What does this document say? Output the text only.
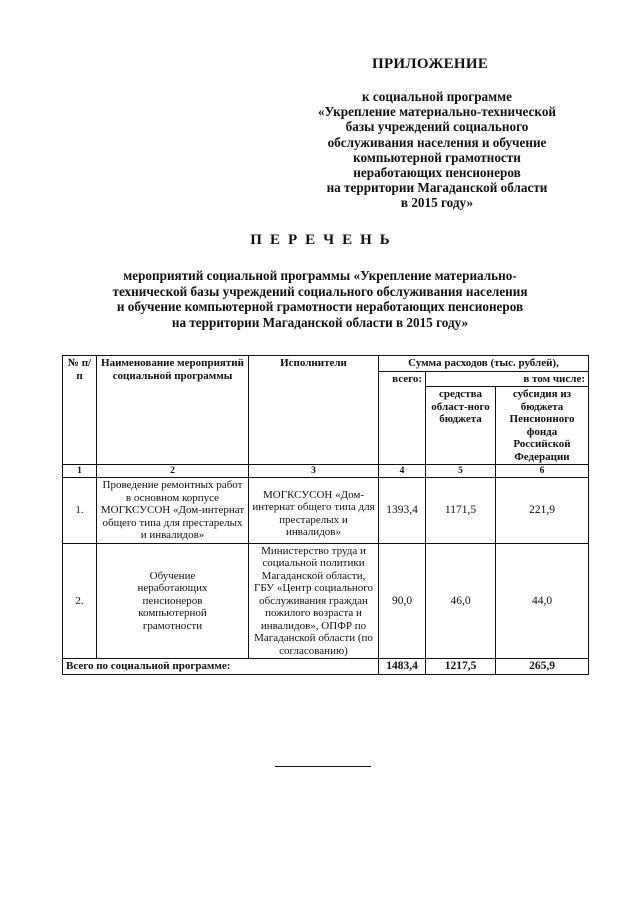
ПРИЛОЖЕНИЕ
к социальной программе
«Укрепление материально-технической
базы учреждений социального
обслуживания населения и обучение
компьютерной грамотности
неработающих пенсионеров
на территории Магаданской области
в 2015 году»
ПЕРЕЧЕНЬ
мероприятий социальной программы «Укрепление материально-
технической базы учреждений социального обслуживания населения
и обучение компьютерной грамотности неработающих пенсионеров
на территории Магаданской области в 2015 году»
№ п/п	Наименование мероприятий социальной программы	Исполнители	Сумма расходов (тыс. рублей),		
			всего:	в том числе:	
				средства област-ного бюджета	субсидия из бюджета Пенсионного фонда Российской Федерации
1	2	3	4	5	6
1.	Проведение ремонтных работ в основном корпусе МОГКСУСОН «Дом-интернат общего типа для престарелых и инвалидов»	МОГКСУСОН «Дом-интернат общего типа для престарелых и инвалидов»	1393,4	1171,5	221,9
2.	Обучение неработающих пенсионеров компьютерной грамотности	Министерство труда и социальной политики Магаданской области, ГБУ «Центр социального обслуживания граждан пожилого возраста и инвалидов», ОПФР по Магаданской области (по согласованию)	90,0	46,0	44,0
Всего по социальной программе:			1483,4	1217,5	265,9
